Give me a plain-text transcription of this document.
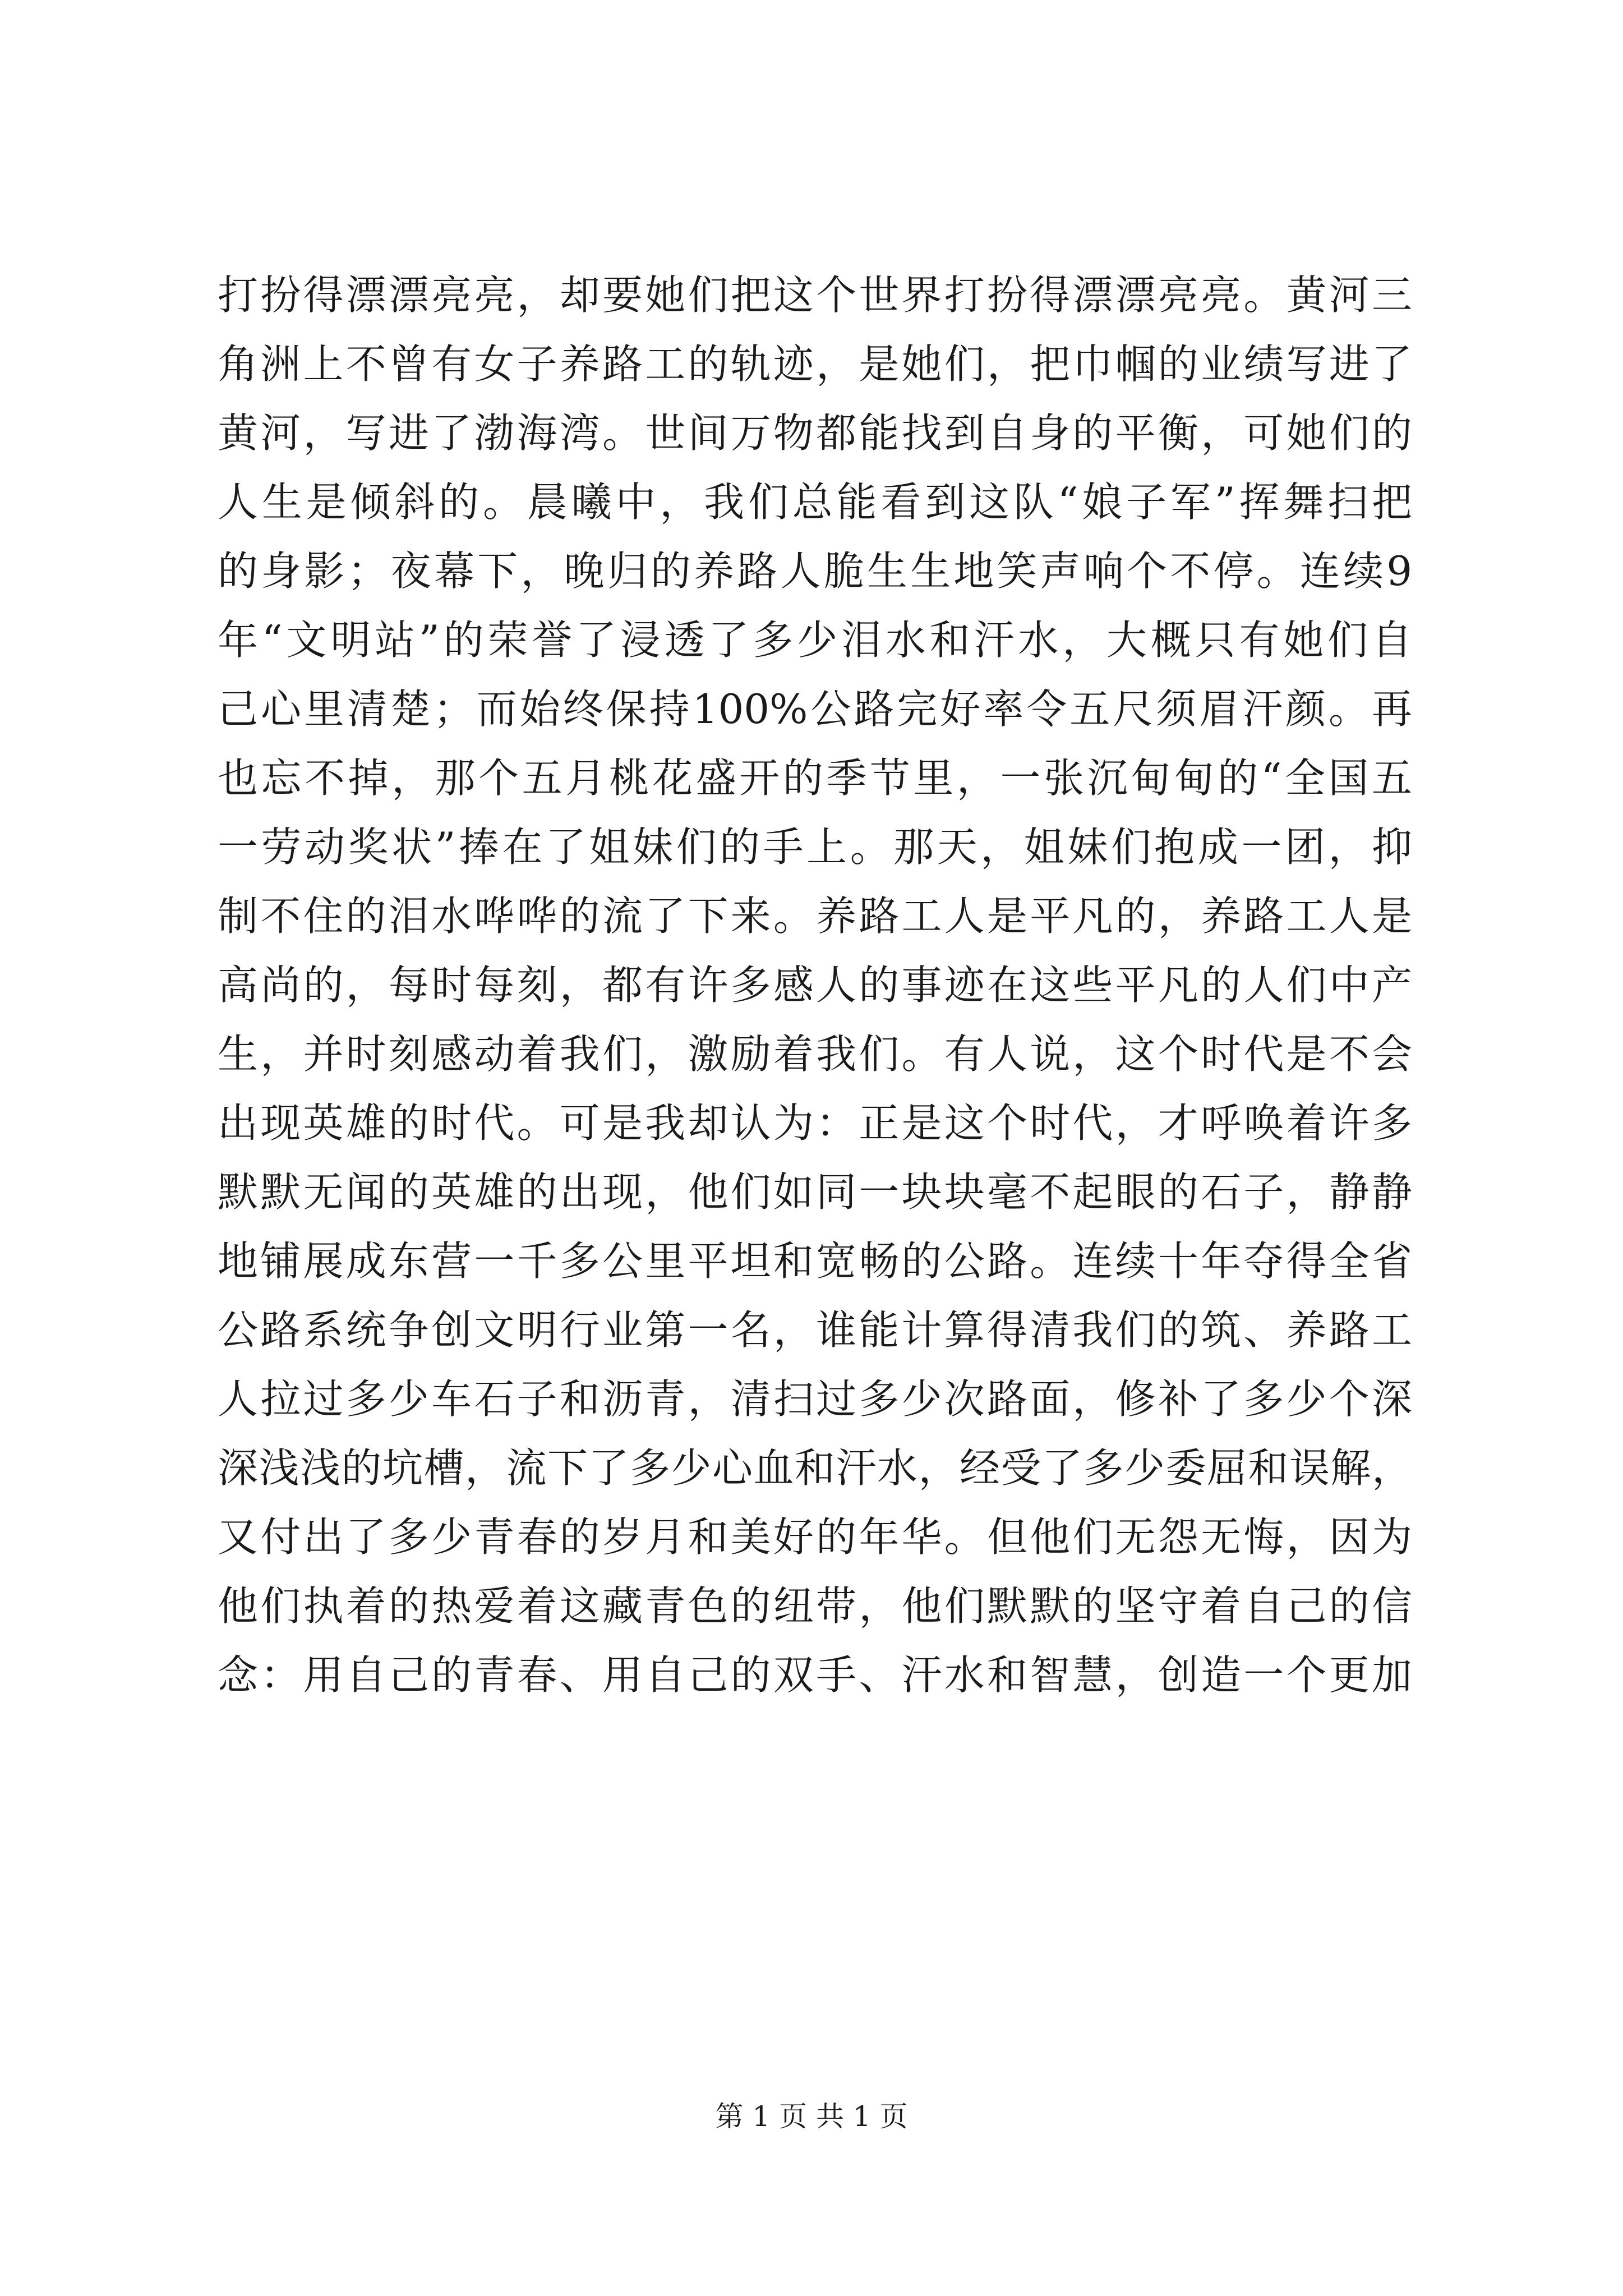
打扮得漂漂亮亮，却要她们把这个世界打扮得漂漂亮亮。黄河三
角洲上不曾有女子养路工的轨迹，是她们，把巾帼的业绩写进了
黄河，写进了渤海湾。世间万物都能找到自身的平衡，可她们的
人生是倾斜的。晨曦中，我们总能看到这队“娘子军”挥舞扫把
的身影；夜幕下，晚归的养路人脆生生地笑声响个不停。连续9
年“文明站”的荣誉了浸透了多少泪水和汗水，大概只有她们自
己心里清楚；而始终保持100%公路完好率令五尺须眉汗颜。再
也忘不掉，那个五月桃花盛开的季节里，一张沉甸甸的“全国五
一劳动奖状”捧在了姐妹们的手上。那天，姐妹们抱成一团，抑
制不住的泪水哗哗的流了下来。养路工人是平凡的，养路工人是
高尚的，每时每刻，都有许多感人的事迹在这些平凡的人们中产
生，并时刻感动着我们，激励着我们。有人说，这个时代是不会
出现英雄的时代。可是我却认为：正是这个时代，才呼唤着许多
默默无闻的英雄的出现，他们如同一块块毫不起眼的石子，静静
地铺展成东营一千多公里平坦和宽畅的公路。连续十年夺得全省
公路系统争创文明行业第一名，谁能计算得清我们的筑、养路工
人拉过多少车石子和沥青，清扫过多少次路面，修补了多少个深
深浅浅的坑槽，流下了多少心血和汗水，经受了多少委屈和误解，
又付出了多少青春的岁月和美好的年华。但他们无怨无悔，因为
他们执着的热爱着这藏青色的纽带，他们默默的坚守着自己的信
念：用自己的青春、用自己的双手、汗水和智慧，创造一个更加
第 1 页 共 1 页
